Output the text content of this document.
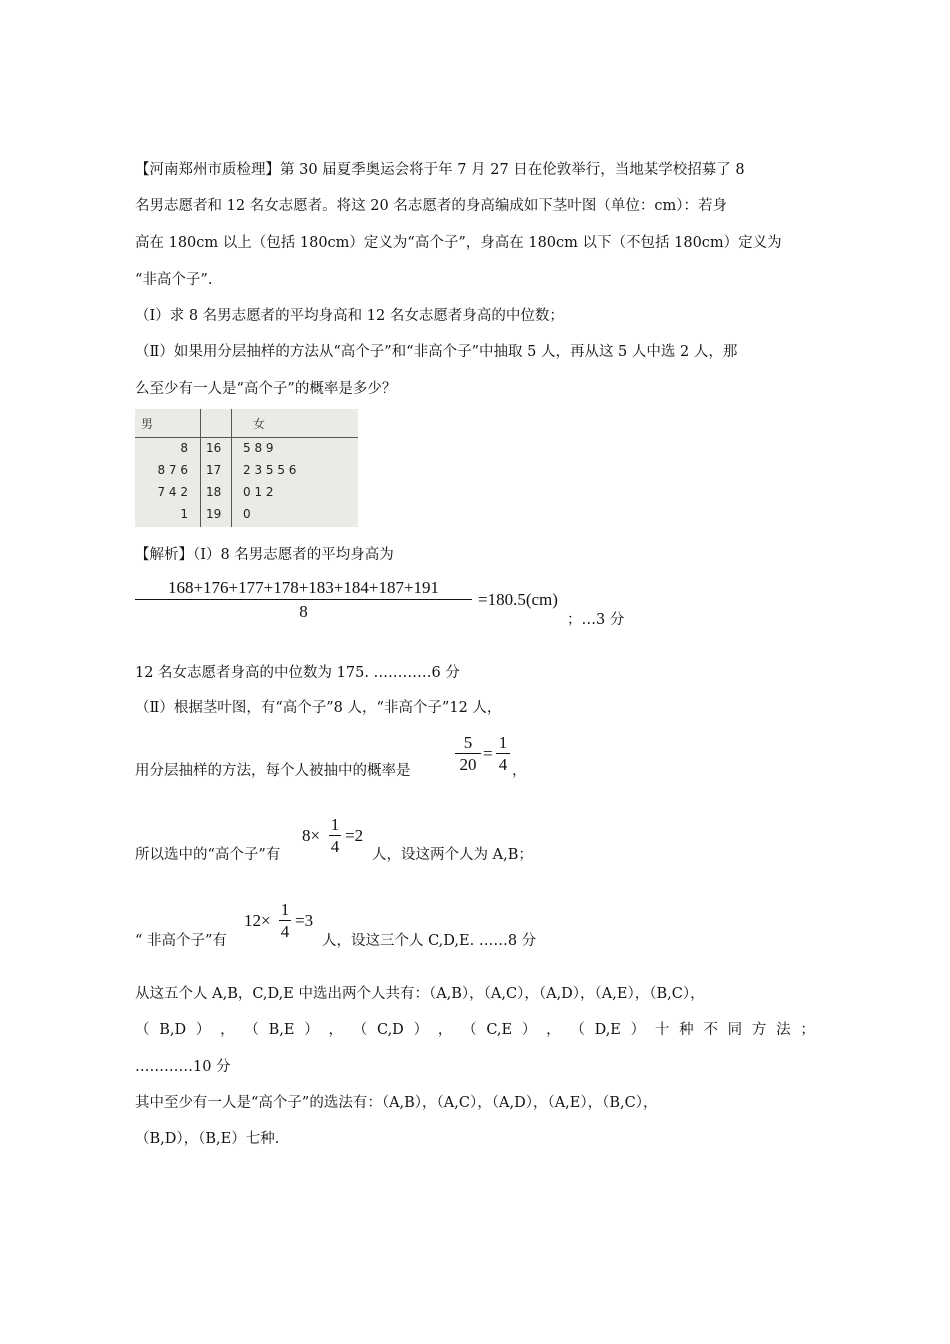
【河南郑州市质检理】第 30 届夏季奥运会将于年 7 月 27 日在伦敦举行，当地某学校招募了 8
名男志愿者和 12 名女志愿者。将这 20 名志愿者的身高编成如下茎叶图（单位：cm）：若身
高在 180cm 以上（包括 180cm）定义为“高个子”，身高在 180cm 以下（不包括 180cm）定义为
“非高个子”.
（Ⅰ）求 8 名男志愿者的平均身高和 12 名女志愿者身高的中位数；
（Ⅱ）如果用分层抽样的方法从“高个子”和“非高个子”中抽取 5 人，再从这 5 人中选 2 人，那
么至少有一人是“高个子”的概率是多少？
男	女
8 16 5 8 9
8 7 6 17 2 3 5 5 6
7 4 2 18 0 1 2
1 19 0
【解析】（Ⅰ）8 名男志愿者的平均身高为
168+176+177+178+183+184+187+191
8
=180.5(cm)
；…3 分
12 名女志愿者身高的中位数为 175. …………6 分
（Ⅱ）根据茎叶图，有“高个子”8 人，“非高个子”12 人，
用分层抽样的方法，每个人被抽中的概率是
5
20
=
1
4 ，
所以选中的“高个子”有
8×
1
4
=2
人，设这两个人为 A,B；
“ 非高个子”有
12×
1
4
=3
人，设这三个人 C,D,E. ……8 分
从这五个人 A,B，C,D,E 中选出两个人共有：（A,B），（A,C），（A,D），（A,E），（B,C），
（ B,D ） ， （ B,E ） ， （ C,D ） ， （ C,E ） ， （ D,E ） 十 种 不 同 方 法 ；
…………10 分
其中至少有一人是“高个子”的选法有：（A,B），（A,C），（A,D），（A,E），（B,C），
（B,D），（B,E）七种.
